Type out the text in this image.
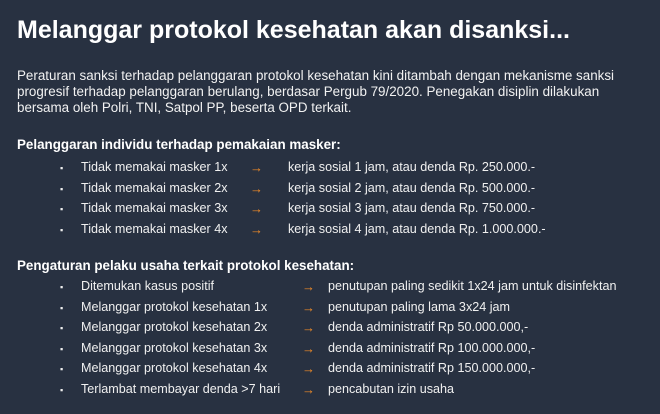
Melanggar protokol kesehatan akan disanksi...
Peraturan sanksi terhadap pelanggaran protokol kesehatan kini ditambah dengan mekanisme sanksi progresif terhadap pelanggaran berulang, berdasar Pergub 79/2020. Penegakan disiplin dilakukan bersama oleh Polri, TNI, Satpol PP, beserta OPD terkait.
Pelanggaran individu terhadap pemakaian masker:
▪ Tidak memakai masker 1x → kerja sosial 1 jam, atau denda Rp. 250.000.-
▪ Tidak memakai masker 2x → kerja sosial 2 jam, atau denda Rp. 500.000.-
▪ Tidak memakai masker 3x → kerja sosial 3 jam, atau denda Rp. 750.000.-
▪ Tidak memakai masker 4x → kerja sosial 4 jam, atau denda Rp. 1.000.000.-
Pengaturan pelaku usaha terkait protokol kesehatan:
▪ Ditemukan kasus positif	→ penutupan paling sedikit 1x24 jam untuk disinfektan
▪ Melanggar protokol kesehatan 1x	→ penutupan paling lama 3x24 jam
▪ Melanggar protokol kesehatan 2x	→ denda administratif Rp 50.000.000,-
▪ Melanggar protokol kesehatan 3x	→ denda administratif Rp 100.000.000,-
▪ Melanggar protokol kesehatan 4x	→ denda administratif Rp 150.000.000,-
▪ Terlambat membayar denda >7 hari → pencabutan izin usaha
